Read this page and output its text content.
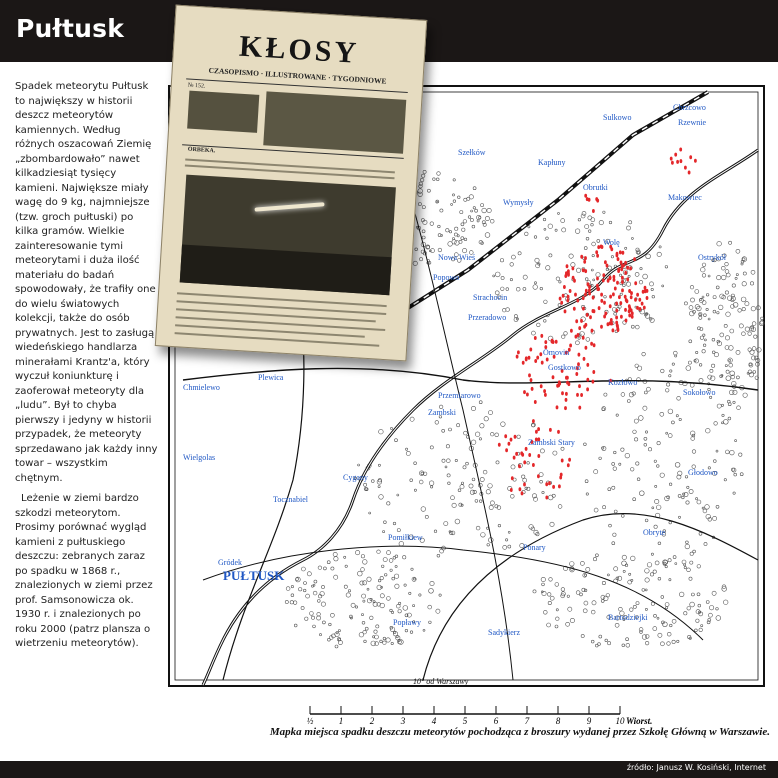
Pułtusk

Spadek meteorytu Pułtusk to największy w historii deszcz meteorytów kamiennych. Według różnych oszacowań Ziemię „zbombardowało” nawet kilkadziesiąt tysięcy kamieni. Największe miały wagę do 9 kg, najmniejsze (tzw. groch pułtuski) po kilka gramów. Wielkie zainteresowanie tymi meteorytami i duża ilość materiału do badań spowodowały, że trafiły one do wielu światowych kolekcji, także do osób prywatnych. Jest to zasługą wiedeńskiego handlarza minerałami Krantz'a, który wyczuł koniunkturę i zaoferował meteoryty dla „ludu”. Był to chyba pierwszy i jedyny w historii przypadek, że meteoryty sprzedawano jak każdy inny towar – wszystkim chętnym.

Leżenie w ziemi bardzo szkodzi meteorytom. Prosimy porównać wygląd kamieni z pułtuskiego deszczu: zebranych zaraz po spadku w 1868 r., znalezionych w ziemi przez prof. Samsonowicza ok. 1930 r. i znalezionych po roku 2000 (patrz plansza o wietrzeniu meteorytów).

Szełków
Kapłuny
Chrzcowo
Rzewnie
Sulkowo
Obrutki
Makowiec
Wymysły
Wolę
Ostrykół
Nowa Wieś
Popowo
Strachocin
Przeradowo
Omovin
Gostkowo
Kozłowo
Sokołowo
Plewica
Chmielewo
Przemiarowo
Zambski
Zambski Stary
Głodowo
Cygany
Tocznabiel
Pomiłkiew
Ponary
Obryte
Gródek
PUŁTUSK
Popławy
Bartodziejki
Sadykierz
Wielgolas
10° od Warszawy
½	1	2	3	4	5	6	7	8	9	10 Wiorst.
Mapka miejsca spadku deszczu meteorytów pochodząca z broszury wydanej przez Szkołę Główną w Warszawie.
KŁOSY
CZASOPISMO · ILLUSTROWANE · TYGODNIOWE
№ 152.
ORBEKA.
źródło: Janusz W. Kosiński, Internet
